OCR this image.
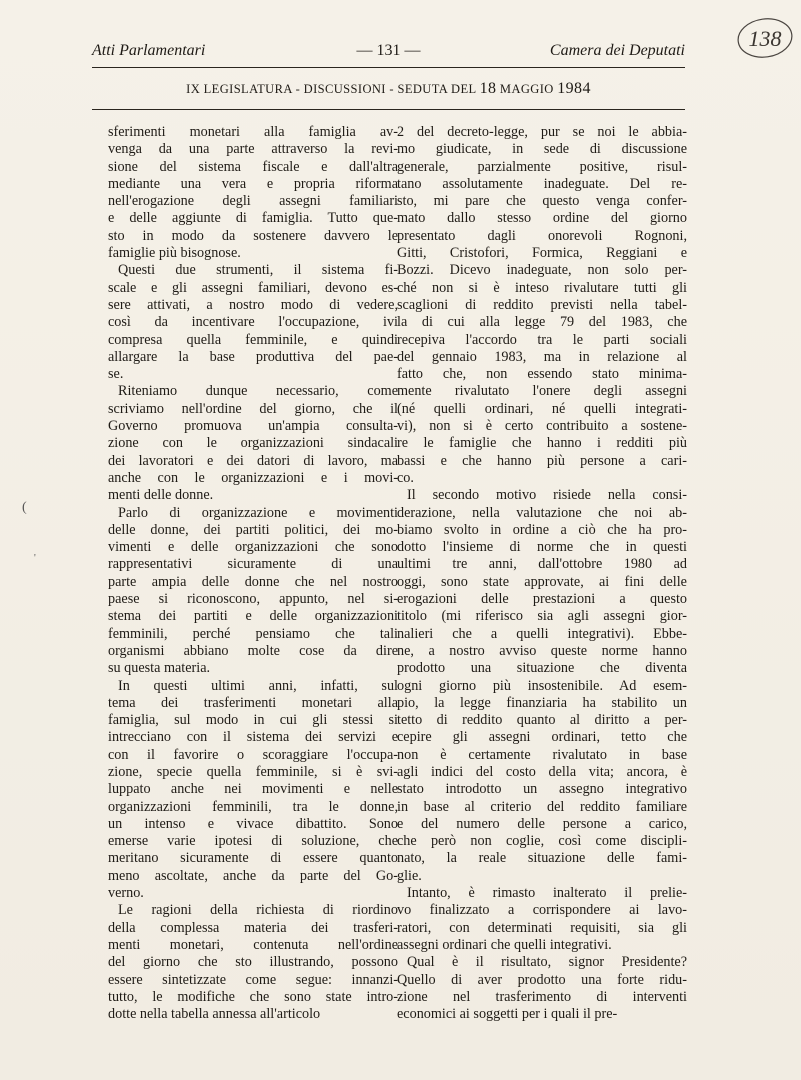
Atti Parlamentari	— 131 —	Camera dei Deputati
IX LEGISLATURA - DISCUSSIONI - SEDUTA DEL 18 MAGGIO 1984
138
(
'

sferimenti monetari alla famiglia av-
venga da una parte attraverso la revi-
sione del sistema fiscale e dall'altra
mediante una vera e propria riforma
nell'erogazione degli assegni familiari
e delle aggiunte di famiglia. Tutto que-
sto in modo da sostenere davvero le
famiglie più bisognose.

Questi due strumenti, il sistema fi-
scale e gli assegni familiari, devono es-
sere attivati, a nostro modo di vedere,
così da incentivare l'occupazione, ivi
compresa quella femminile, e quindi
allargare la base produttiva del pae-
se.

Riteniamo dunque necessario, come
scriviamo nell'ordine del giorno, che il
Governo promuova un'ampia consulta-
zione con le organizzazioni sindacali
dei lavoratori e dei datori di lavoro, ma
anche con le organizzazioni e i movi-
menti delle donne.

Parlo di organizzazione e movimenti
delle donne, dei partiti politici, dei mo-
vimenti e delle organizzazioni che sono
rappresentativi sicuramente di una
parte ampia delle donne che nel nostro
paese si riconoscono, appunto, nel si-
stema dei partiti e delle organizzazioni
femminili, perché pensiamo che tali
organismi abbiano molte cose da dire
su questa materia.

In questi ultimi anni, infatti, sul
tema dei trasferimenti monetari alla
famiglia, sul modo in cui gli stessi si
intrecciano con il sistema dei servizi e
con il favorire o scoraggiare l'occupa-
zione, specie quella femminile, si è svi-
luppato anche nei movimenti e nelle
organizzazioni femminili, tra le donne,
un intenso e vivace dibattito. Sono
emerse varie ipotesi di soluzione, che
meritano sicuramente di essere quanto
meno ascoltate, anche da parte del Go-
verno.

Le ragioni della richiesta di riordino
della complessa materia dei trasferi-
menti monetari, contenuta nell'ordine
del giorno che sto illustrando, possono
essere sintetizzate come segue: innanzi-
tutto, le modifiche che sono state intro-
dotte nella tabella annessa all'articolo

2 del decreto-legge, pur se noi le abbia-
mo giudicate, in sede di discussione
generale, parzialmente positive, risul-
tano assolutamente inadeguate. Del re-
sto, mi pare che questo venga confer-
mato dallo stesso ordine del giorno
presentato dagli onorevoli Rognoni,
Gitti, Cristofori, Formica, Reggiani e
Bozzi. Dicevo inadeguate, non solo per-
ché non si è inteso rivalutare tutti gli
scaglioni di reddito previsti nella tabel-
la di cui alla legge 79 del 1983, che
recepiva l'accordo tra le parti sociali
del gennaio 1983, ma in relazione al
fatto che, non essendo stato minima-
mente rivalutato l'onere degli assegni
(né quelli ordinari, né quelli integrati-
vi), non si è certo contribuito a sostene-
re le famiglie che hanno i redditi più
bassi e che hanno più persone a cari-
co.

Il secondo motivo risiede nella consi-
derazione, nella valutazione che noi ab-
biamo svolto in ordine a ciò che ha pro-
dotto l'insieme di norme che in questi
ultimi tre anni, dall'ottobre 1980 ad
oggi, sono state approvate, ai fini delle
erogazioni delle prestazioni a questo
titolo (mi riferisco sia agli assegni gior-
nalieri che a quelli integrativi). Ebbe-
ne, a nostro avviso queste norme hanno
prodotto una situazione che diventa
ogni giorno più insostenibile. Ad esem-
pio, la legge finanziaria ha stabilito un
tetto di reddito quanto al diritto a per-
cepire gli assegni ordinari, tetto che
non è certamente rivalutato in base
agli indici del costo della vita; ancora, è
stato introdotto un assegno integrativo
in base al criterio del reddito familiare
e del numero delle persone a carico,
che però non coglie, così come discipli-
nato, la reale situazione delle fami-
glie.

Intanto, è rimasto inalterato il prelie-
vo finalizzato a corrispondere ai lavo-
ratori, con determinati requisiti, sia gli
assegni ordinari che quelli integrativi.

Qual è il risultato, signor Presidente?
Quello di aver prodotto una forte ridu-
zione nel trasferimento di interventi
economici ai soggetti per i quali il pre-
